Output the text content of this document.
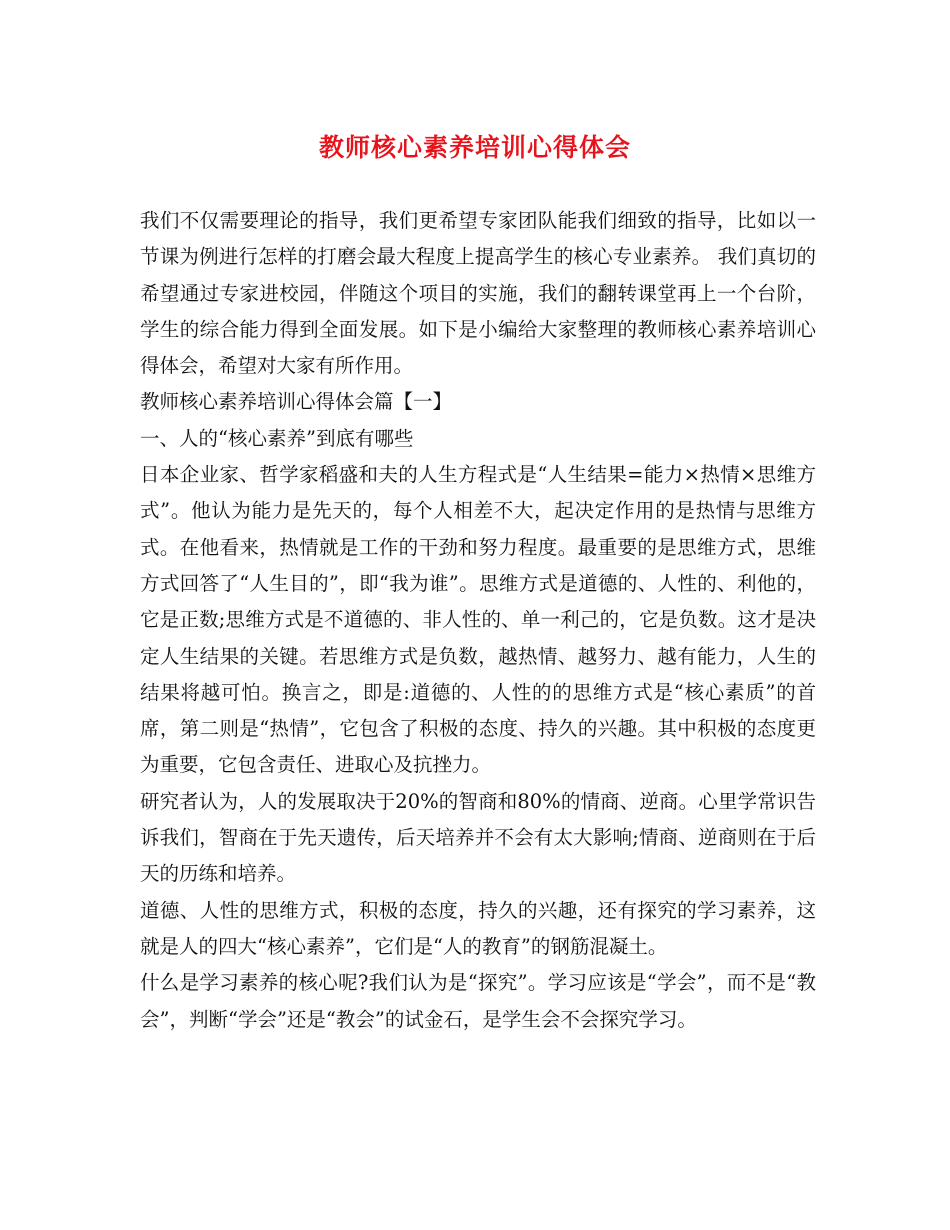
教师核心素养培训心得体会

我们不仅需要理论的指导，我们更希望专家团队能我们细致的指导，比如以一节课为例进行怎样的打磨会最大程度上提高学生的核心专业素养。 我们真切的希望通过专家进校园，伴随这个项目的实施，我们的翻转课堂再上一个台阶，学生的综合能力得到全面发展。如下是小编给大家整理的教师核心素养培训心得体会，希望对大家有所作用。

教师核心素养培训心得体会篇【一】

一、人的“核心素养”到底有哪些

日本企业家、哲学家稻盛和夫的人生方程式是“人生结果=能力×热情×思维方式”。他认为能力是先天的，每个人相差不大，起决定作用的是热情与思维方式。在他看来，热情就是工作的干劲和努力程度。最重要的是思维方式，思维方式回答了“人生目的”，即“我为谁”。思维方式是道德的、人性的、利他的，它是正数;思维方式是不道德的、非人性的、单一利己的，它是负数。这才是决定人生结果的关键。若思维方式是负数，越热情、越努力、越有能力，人生的结果将越可怕。换言之，即是:道德的、人性的的思维方式是“核心素质”的首席，第二则是“热情”，它包含了积极的态度、持久的兴趣。其中积极的态度更为重要，它包含责任、进取心及抗挫力。

研究者认为，人的发展取决于20%的智商和80%的情商、逆商。心里学常识告诉我们，智商在于先天遗传，后天培养并不会有太大影响;情商、逆商则在于后天的历练和培养。

道德、人性的思维方式，积极的态度，持久的兴趣，还有探究的学习素养，这就是人的四大“核心素养”，它们是“人的教育”的钢筋混凝土。

什么是学习素养的核心呢?我们认为是“探究”。学习应该是“学会”，而不是“教会”，判断“学会”还是“教会”的试金石，是学生会不会探究学习。
